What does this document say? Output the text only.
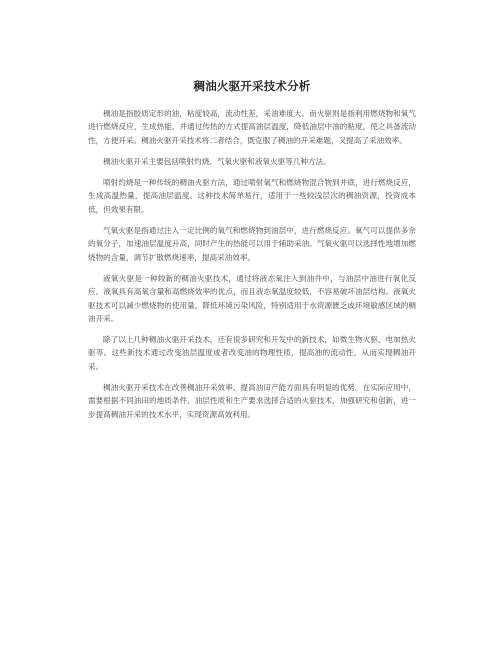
稠油火驱开采技术分析

稠油是指胶质定形的油，粘度较高，流动性差，采油难度大。而火驱则是指利用燃烧物和氧气进行燃烧反应，生成热能，并通过传热的方式提高油层温度，降低油层中油的粘度，使之具备流动性，方便开采。稠油火驱开采技术将二者结合，既克服了稠油的开采难题，又提高了采油效率。

稠油火驱开采主要包括喷射灼烧、气氧火驱和液氧火驱等几种方法。

喷射灼烧是一种传统的稠油火驱方法，通过喷射氧气和燃烧物混合物到井底，进行燃烧反应，生成高温热量，提高油层温度。这种技术简单易行，适用于一些较浅层次的稠油资源，投资成本低，但效果有限。

气氧火驱是指通过注入一定比例的氧气和燃烧物到油层中，进行燃烧反应。氧气可以提供多余的氧分子，加速油层温度升高，同时产生的热能可以用于辅助采油。气氧火驱可以选择性地增加燃烧物的含量，调节扩散燃烧速率，提高采油效率。

液氧火驱是一种较新的稠油火驱技术，通过将液态氧注入到油井中，与油层中油进行氧化反应。液氧具有高氧含量和高燃烧效率的优点，而且液态氧温度较低，不容易破坏油层结构。液氧火驱技术可以减少燃烧物的使用量，降低环境污染风险，特别适用于水资源匮乏或环境敏感区域的稠油开采。

除了以上几种稠油火驱开采技术，还有很多研究和开发中的新技术，如微生物火驱、电加热火驱等。这些新技术通过改变油层温度或者改变油的物理性质，提高油的流动性，从而实现稠油开采。

稠油火驱开采技术在改善稠油开采效率、提高油田产能方面具有明显的优势。在实际应用中，需要根据不同油田的地质条件、油层性质和生产要求选择合适的火驱技术，加强研究和创新，进一步提高稠油开采的技术水平，实现资源高效利用。
